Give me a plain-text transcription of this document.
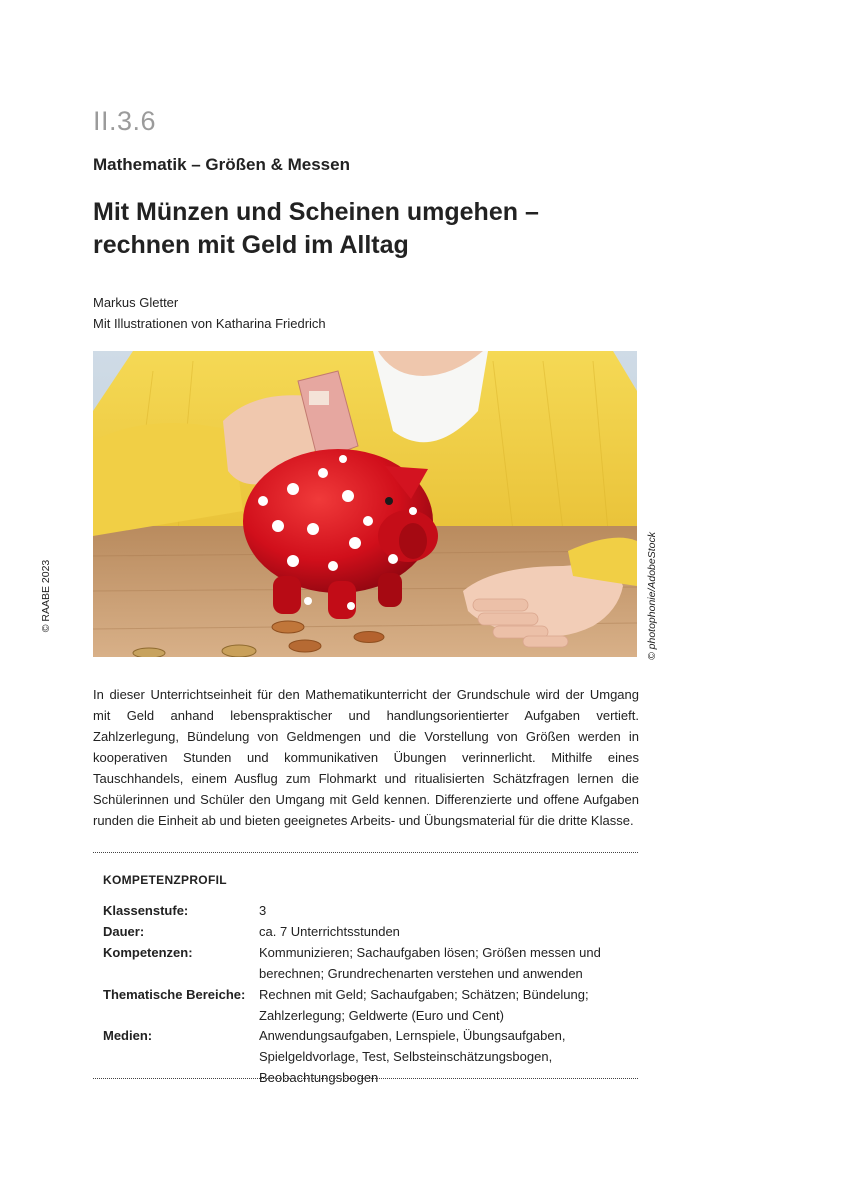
II.3.6
Mathematik – Größen & Messen
Mit Münzen und Scheinen umgehen –
rechnen mit Geld im Alltag
Markus Gletter
Mit Illustrationen von Katharina Friedrich
© RAABE 2023	© photophonie/AdobeStock
In dieser Unterrichtseinheit für den Mathematikunterricht der Grundschule wird der Umgang mit Geld anhand lebenspraktischer und handlungsorientierter Aufgaben vertieft. Zahlzerlegung, Bündelung von Geldmengen und die Vorstellung von Größen werden in kooperativen Stunden und kommunikativen Übungen verinnerlicht. Mithilfe eines Tauschhandels, einem Ausflug zum Flohmarkt und ritualisierten Schätzfragen lernen die Schülerinnen und Schüler den Umgang mit Geld kennen. Differenzierte und offene Aufgaben runden die Einheit ab und bieten geeignetes Arbeits- und Übungsmaterial für die dritte Klasse.
KOMPETENZPROFIL
Klassenstufe:	3
Dauer:	ca. 7 Unterrichtsstunden
Kompetenzen:	Kommunizieren; Sachaufgaben lösen; Größen messen und berechnen; Grundrechenarten verstehen und anwenden
Thematische Bereiche: Rechnen mit Geld; Sachaufgaben; Schätzen; Bündelung; Zahlzerlegung; Geldwerte (Euro und Cent)
Medien:	Anwendungsaufgaben, Lernspiele, Übungsaufgaben, Spielgeldvorlage, Test, Selbsteinschätzungsbogen, Beobachtungsbogen
